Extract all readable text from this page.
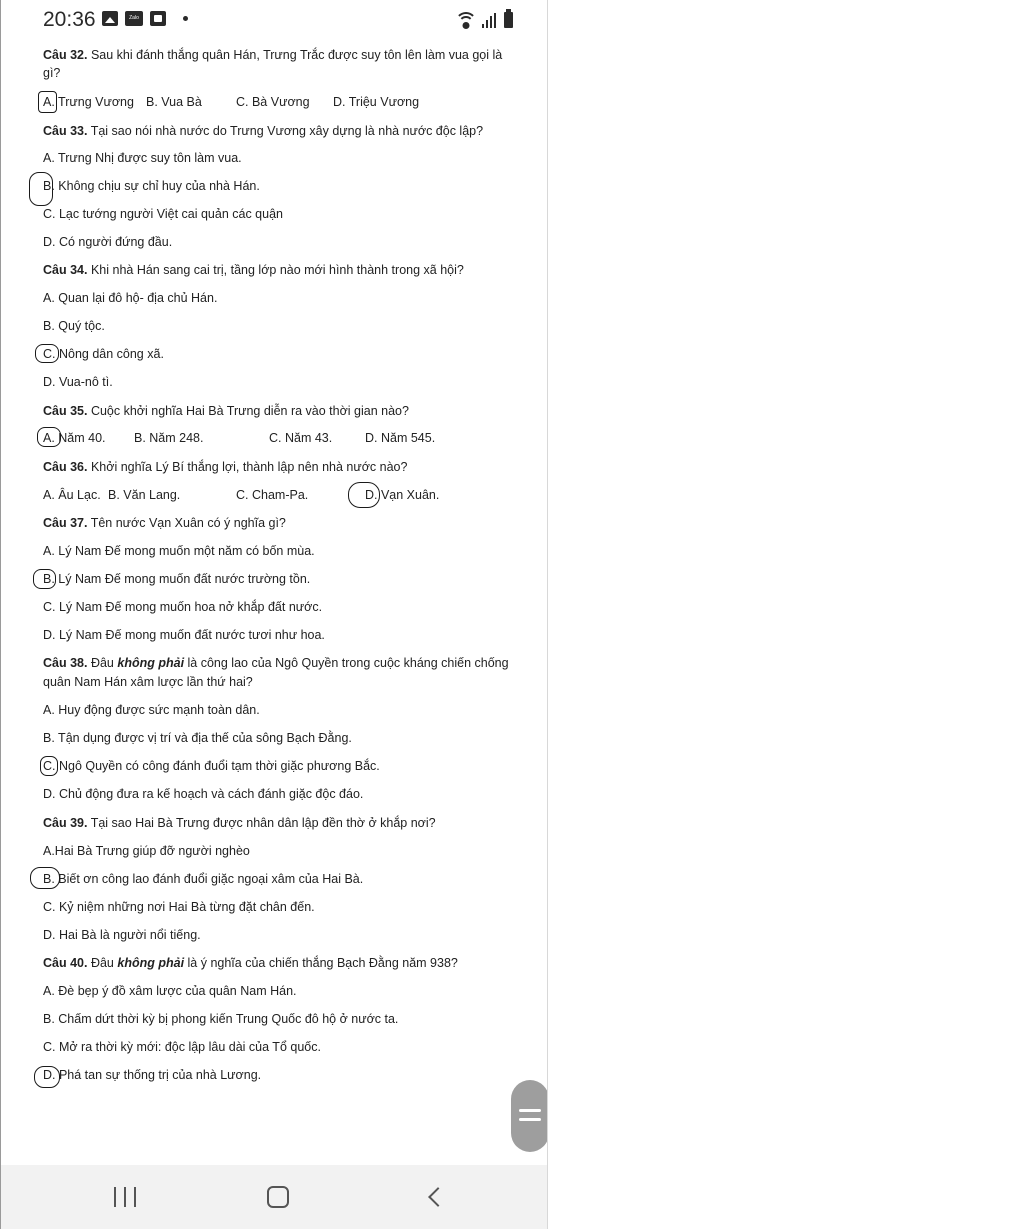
20:36	Zalo
Câu 32. Sau khi đánh thắng quân Hán, Trưng Trắc được suy tôn lên làm vua gọi là
gì?
A. Trưng Vương B. Vua Bà	C. Bà Vương D. Triệu Vương
Câu 33. Tại sao nói nhà nước do Trưng Vương xây dựng là nhà nước độc lập?
A. Trưng Nhị được suy tôn làm vua.
B. Không chịu sự chỉ huy của nhà Hán.
C. Lạc tướng người Việt cai quản các quận
D. Có người đứng đầu.
Câu 34. Khi nhà Hán sang cai trị, tầng lớp nào mới hình thành trong xã hội?
A. Quan lại đô hộ- địa chủ Hán.
B. Quý tộc.
C. Nông dân công xã.
D. Vua-nô tì.
Câu 35. Cuộc khởi nghĩa Hai Bà Trưng diễn ra vào thời gian nào?
A. Năm 40. B. Năm 248.	C. Năm 43.	D. Năm 545.
Câu 36. Khởi nghĩa Lý Bí thắng lợi, thành lập nên nhà nước nào?
A. Âu Lạc. B. Văn Lang.	C. Cham-Pa.	D. Vạn Xuân.
Câu 37. Tên nước Vạn Xuân có ý nghĩa gì?
A. Lý Nam Đế mong muốn một năm có bốn mùa.
B. Lý Nam Đế mong muốn đất nước trường tồn.
C. Lý Nam Đế mong muốn hoa nở khắp đất nước.
D. Lý Nam Đế mong muốn đất nước tươi như hoa.
Câu 38. Đâu không phải là công lao của Ngô Quyền trong cuộc kháng chiến chống
quân Nam Hán xâm lược lần thứ hai?
A. Huy động được sức mạnh toàn dân.
B. Tận dụng được vị trí và địa thế của sông Bạch Đằng.
C. Ngô Quyền có công đánh đuổi tạm thời giặc phương Bắc.
D. Chủ động đưa ra kế hoạch và cách đánh giặc độc đáo.
Câu 39. Tại sao Hai Bà Trưng được nhân dân lập đền thờ ở khắp nơi?
A.Hai Bà Trưng giúp đỡ người nghèo
B. Biết ơn công lao đánh đuổi giặc ngoại xâm của Hai Bà.
C. Kỷ niệm những nơi Hai Bà từng đặt chân đến.
D. Hai Bà là người nổi tiếng.
Câu 40. Đâu không phải là ý nghĩa của chiến thắng Bạch Đằng năm 938?
A. Đè bẹp ý đồ xâm lược của quân Nam Hán.
B. Chấm dứt thời kỳ bị phong kiến Trung Quốc đô hộ ở nước ta.
C. Mở ra thời kỳ mới: độc lập lâu dài của Tổ quốc.
D. Phá tan sự thống trị của nhà Lương.
